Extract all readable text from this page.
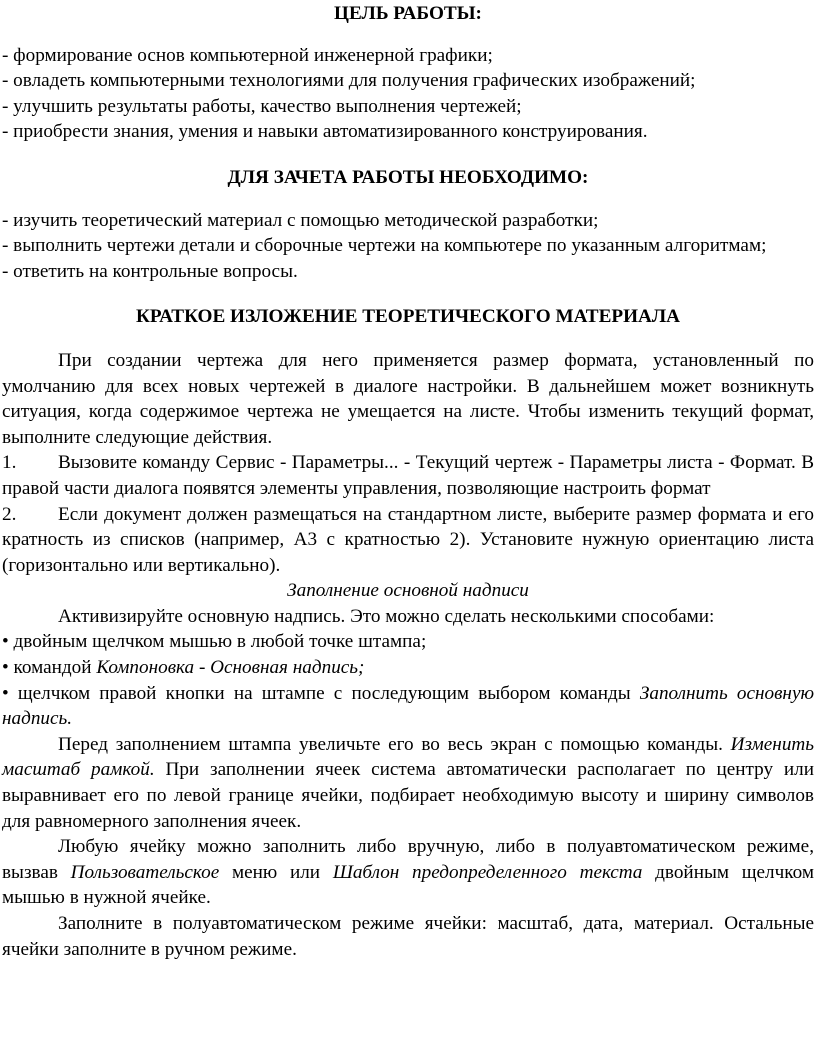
ЦЕЛЬ РАБОТЫ:

- формирование основ компьютерной инженерной графики;

- овладеть компьютерными технологиями для получения графических изображений;

- улучшить результаты работы, качество выполнения чертежей;

- приобрести знания, умения и навыки автоматизированного конструирования.

ДЛЯ ЗАЧЕТА РАБОТЫ НЕОБХОДИМО:

- изучить теоретический материал с помощью методической разработки;

- выполнить чертежи детали и сборочные чертежи на компьютере по указанным алгоритмам;

- ответить на контрольные вопросы.

КРАТКОЕ ИЗЛОЖЕНИЕ ТЕОРЕТИЧЕСКОГО МАТЕРИАЛА

При создании чертежа для него применяется размер формата, установленный по умолчанию для всех новых чертежей в диалоге настройки. В дальнейшем может возникнуть ситуация, когда содержимое чертежа не умещается на листе. Чтобы изменить текущий формат, выполните следующие действия.

1. Вызовите команду Сервис - Параметры... - Текущий чертеж - Параметры листа - Формат. В правой части диалога появятся элементы управления, позволяющие настроить формат

2. Если документ должен размещаться на стандартном листе, выберите размер формата и его кратность из списков (например, А3 с кратностью 2). Установите нужную ориентацию листа (горизонтально или вертикально).

Заполнение основной надписи

Активизируйте основную надпись. Это можно сделать несколькими способами:

• двойным щелчком мышью в любой точке штампа;

• командой Компоновка - Основная надпись;

• щелчком правой кнопки на штампе с последующим выбором команды Заполнить основную надпись.

Перед заполнением штампа увеличьте его во весь экран с помощью команды. Изменить масштаб рамкой. При заполнении ячеек система автоматически располагает по центру или выравнивает его по левой границе ячейки, подбирает необходимую высоту и ширину символов для равномерного заполнения ячеек.

Любую ячейку можно заполнить либо вручную, либо в полуавтоматическом режиме, вызвав Пользовательское меню или Шаблон предопределенного текста двойным щелчком мышью в нужной ячейке.

Заполните в полуавтоматическом режиме ячейки: масштаб, дата, материал. Остальные ячейки заполните в ручном режиме.
